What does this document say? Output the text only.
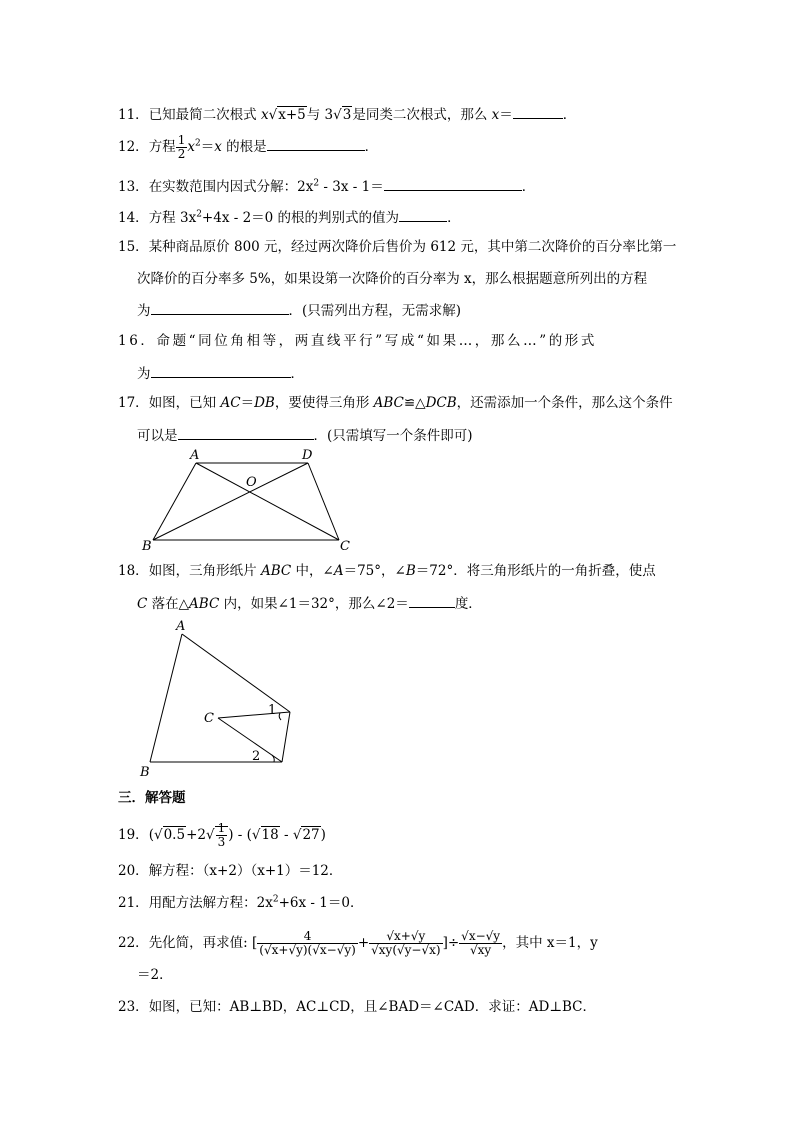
11．已知最简二次根式 x√x+5与 3√3是同类二次根式，那么 x＝	．
12．方程 $\frac{1}{2} x^2=x$ 的根是	．
13．在实数范围内因式分解：$2x^2 - 3x - 1=$	．
14．方程 $3x^2+4x - 2=0$ 的根的判别式的值为	．
15．某种商品原价 800 元，经过两次降价后售价为 612 元，其中第二次降价的百分率比第一
次降价的百分率多 5%，如果设第一次降价的百分率为 x，那么根据题意所列出的方程
为	．(只需列出方程，无需求解)
16．命题“同位角相等，两直线平行”写成“如果…，那么…”的形式
为	．
17．如图，已知 AC＝DB，要使得三角形 ABC≌△DCB，还需添加一个条件，那么这个条件
可以是	．(只需填写一个条件即可)
A	D
O
B	C
18．如图，三角形纸片 ABC 中，∠A＝75°，∠B＝72°．将三角形纸片的一角折叠，使点
C 落在△ABC 内，如果∠1＝32°，那么∠2＝	度．
A
B
C
1
2
三．解答题
19．($√0.5+2√ \frac{1}{3}$ ) - (√18 - √27)
20．解方程：（x+2）（x+1）＝12．
21．用配方法解方程：$2x^2+6x - 1=0$．
22．先化简，再求值: [ $\frac{4}{(√x+√y)(√x-√y)} + \frac{√x+√y}{√xy(√y-√x)}$ ]÷ $\frac{√x-√y}{√xy}$ ，其中 x＝1，y
＝2．
23．如图，已知：AB⊥BD，AC⊥CD，且∠BAD＝∠CAD．求证：AD⊥BC．
